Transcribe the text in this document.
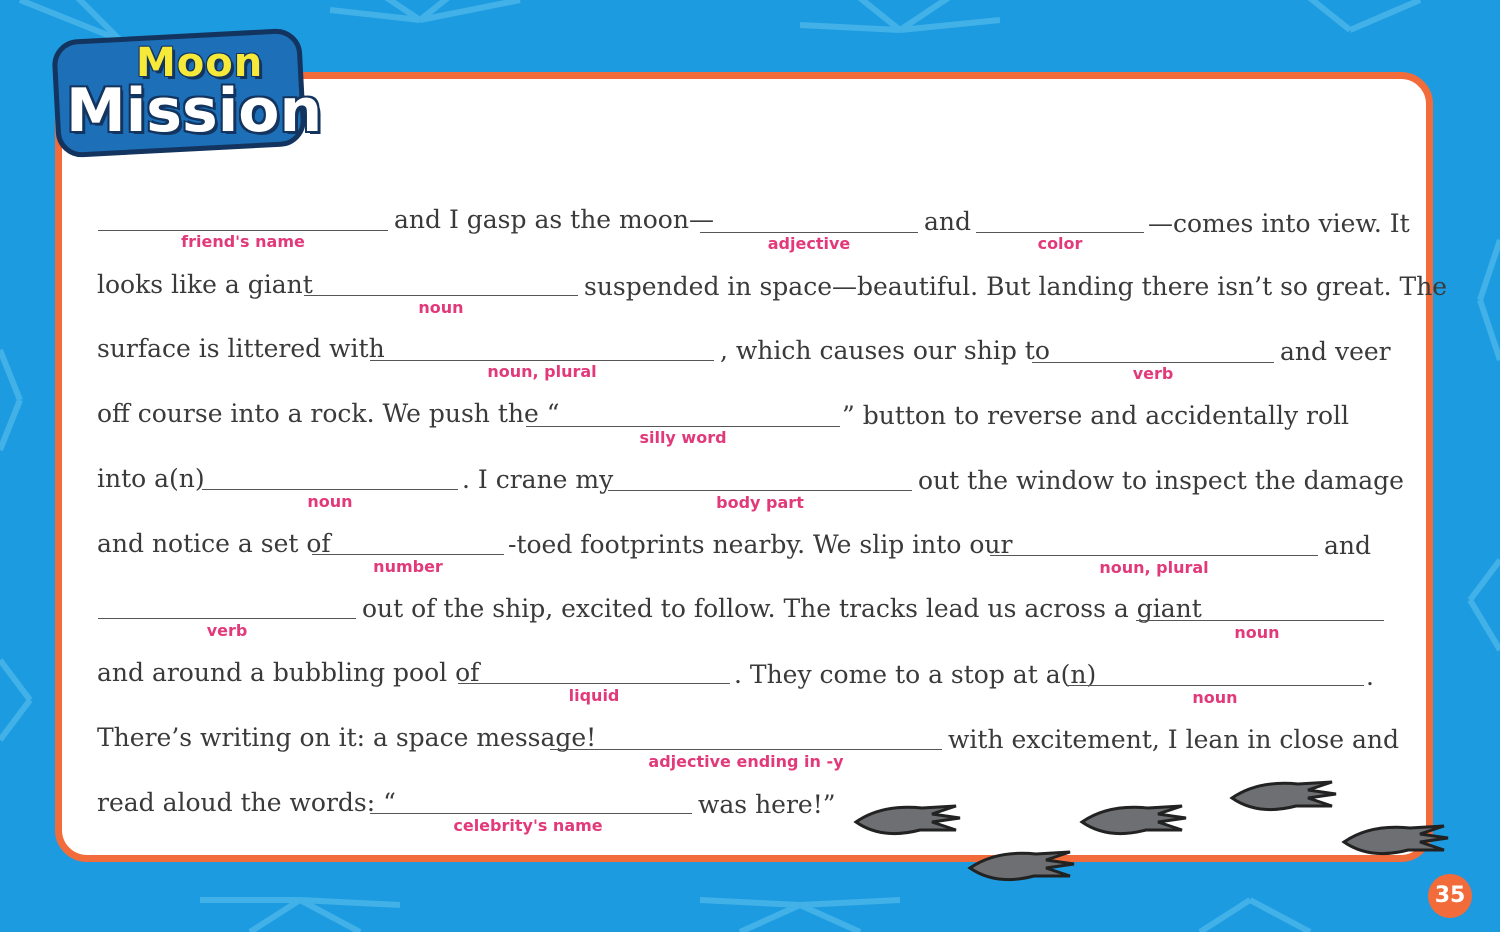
Moon
Mission
friend's name
and I gasp as the moon—
adjective
and
color
—comes into view. It
looks like a giant
noun
suspended in space—beautiful. But landing there isn’t so great. The
surface is littered with
noun, plural
, which causes our ship to
verb
and veer
off course into a rock. We push the “
silly word
” button to reverse and accidentally roll
into a(n)
noun
. I crane my
body part
out the window to inspect the damage
and notice a set of
number
-toed footprints nearby. We slip into our
noun, plural
and
verb
out of the ship, excited to follow. The tracks lead us across a giant
noun
and around a bubbling pool of
liquid
. They come to a stop at a(n)
noun
.
There’s writing on it: a space message!
adjective ending in -y
with excitement, I lean in close and
read aloud the words: “
celebrity's name
was here!”
35
